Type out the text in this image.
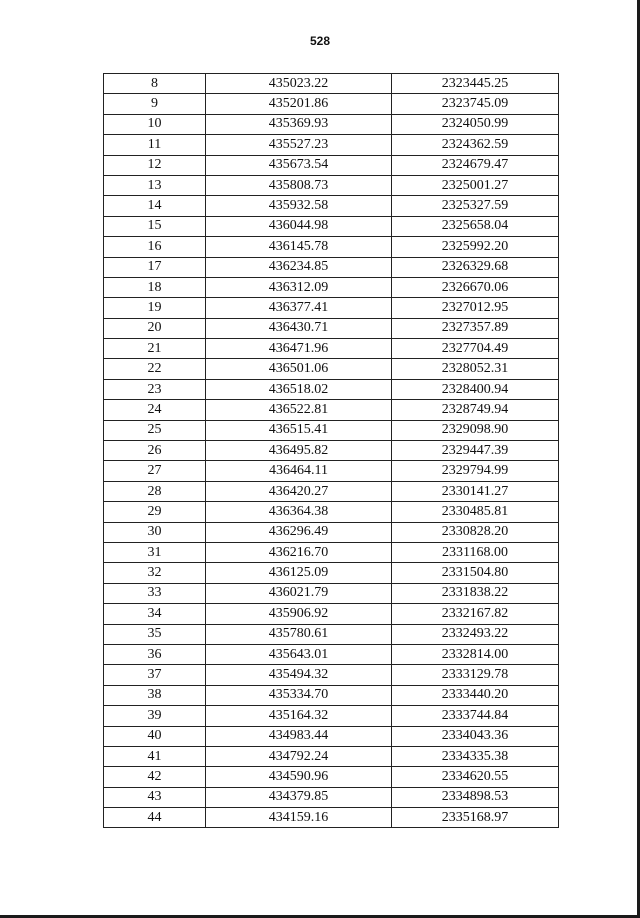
528
8	435023.22	2323445.25
9	435201.86	2323745.09
10	435369.93	2324050.99
11	435527.23	2324362.59
12	435673.54	2324679.47
13	435808.73	2325001.27
14	435932.58	2325327.59
15	436044.98	2325658.04
16	436145.78	2325992.20
17	436234.85	2326329.68
18	436312.09	2326670.06
19	436377.41	2327012.95
20	436430.71	2327357.89
21	436471.96	2327704.49
22	436501.06	2328052.31
23	436518.02	2328400.94
24	436522.81	2328749.94
25	436515.41	2329098.90
26	436495.82	2329447.39
27	436464.11	2329794.99
28	436420.27	2330141.27
29	436364.38	2330485.81
30	436296.49	2330828.20
31	436216.70	2331168.00
32	436125.09	2331504.80
33	436021.79	2331838.22
34	435906.92	2332167.82
35	435780.61	2332493.22
36	435643.01	2332814.00
37	435494.32	2333129.78
38	435334.70	2333440.20
39	435164.32	2333744.84
40	434983.44	2334043.36
41	434792.24	2334335.38
42	434590.96	2334620.55
43	434379.85	2334898.53
44	434159.16	2335168.97
